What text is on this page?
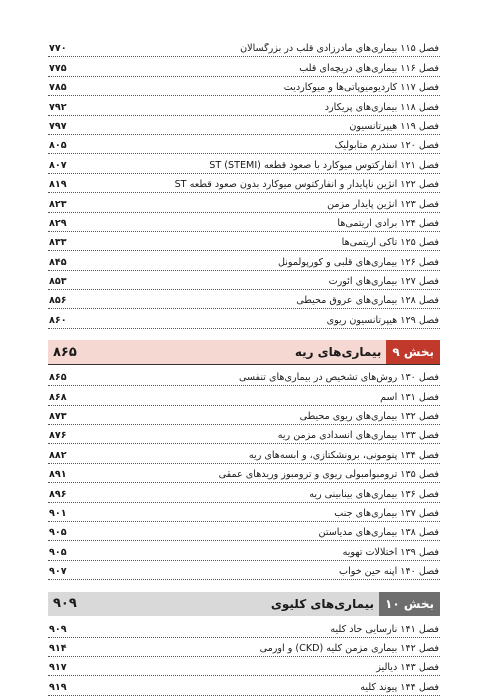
فصل ۱۱۵ بیماری‌های مادرزادی قلب در بزرگسالان
۷۷۰
فصل ۱۱۶ بیماری‌های دریچه‌ای قلب
۷۷۵
فصل ۱۱۷ کاردیومیوپاتی‌ها و میوکاردیت
۷۸۵
فصل ۱۱۸ بیماری‌های پریکارد
۷۹۲
فصل ۱۱۹ هیپرتانسیون
۷۹۷
فصل ۱۲۰ سندرم متابولیک
۸۰۵
فصل ۱۲۱ انفارکتوس میوکارد با صعود قطعه ST (STEMI)
۸۰۷
فصل ۱۲۲ آنژین ناپایدار و انفارکتوس میوکارد بدون صعود قطعه ST
۸۱۹
فصل ۱۲۳ آنژین پایدار مزمن
۸۲۳
فصل ۱۲۴ برادی آریتمی‌ها
۸۲۹
فصل ۱۲۵ تاکی آریتمی‌ها
۸۳۳
فصل ۱۲۶ بیماری‌های قلبی و کورپولمونل
۸۴۵
فصل ۱۲۷ بیماری‌های آئورت
۸۵۳
فصل ۱۲۸ بیماری‌های عروق محیطی
۸۵۶
فصل ۱۲۹ هیپرتانسیون ریوی
۸۶۰
بخش ۹
بیماری‌های ریه
۸۶۵
فصل ۱۳۰ روش‌های تشخیص در بیماری‌های تنفسی
۸۶۵
فصل ۱۳۱ آسم
۸۶۸
فصل ۱۳۲ بیماری‌های ریوی محیطی
۸۷۳
فصل ۱۳۳ بیماری‌های انسدادی مزمن ریه
۸۷۶
فصل ۱۳۴ پنومونی، برونشکتازی، و آبسه‌های ریه
۸۸۲
فصل ۱۳۵ ترومبوآمبولی ریوی و ترومبوز وریدهای عمقی
۸۹۱
فصل ۱۳۶ بیماری‌های بینابینی ریه
۸۹۶
فصل ۱۳۷ بیماری‌های جنب
۹۰۱
فصل ۱۳۸ بیماری‌های مدیاستن
۹۰۵
فصل ۱۳۹ اختلالات تهویه
۹۰۵
فصل ۱۴۰ آپنه حین خواب
۹۰۷
بخش ۱۰
بیماری‌های کلیوی
۹۰۹
فصل ۱۴۱ نارسایی حاد کلیه
۹۰۹
فصل ۱۴۲ بیماری مزمن کلیه (CKD) و اورمی
۹۱۴
فصل ۱۴۳ دیالیز
۹۱۷
فصل ۱۴۴ پیوند کلیه
۹۱۹
